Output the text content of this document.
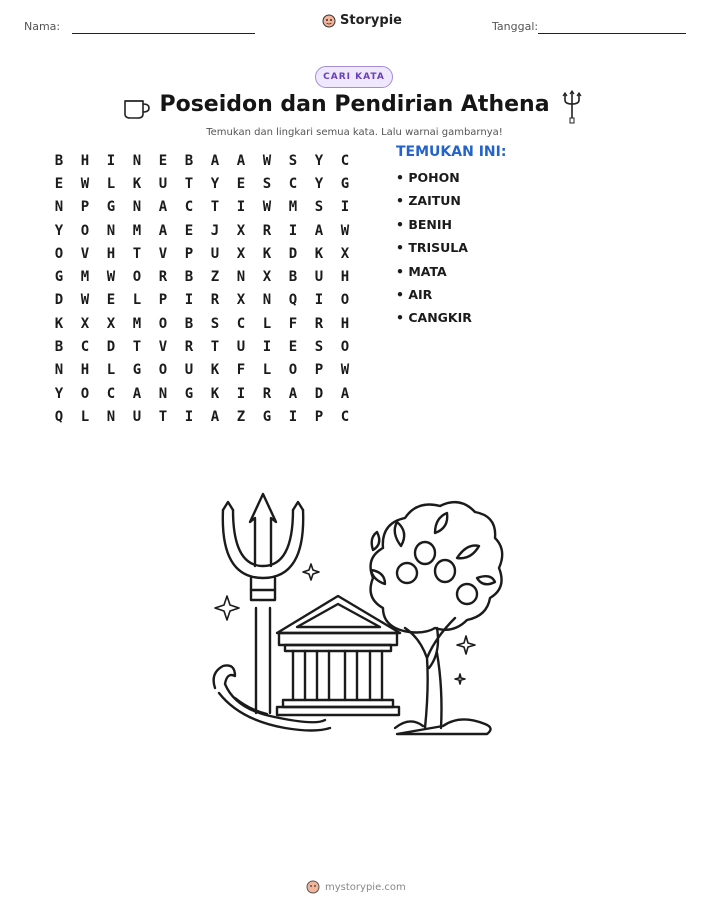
Nama:	Storypie	Tanggal:
CARI KATA
Poseidon dan Pendirian Athena
Temukan dan lingkari semua kata. Lalu warnai gambarnya!
B	H	I	N	E	B	A	A	W	S	Y	C
E	W	L	K	U	T	Y	E	S	C	Y	G
N	P	G	N	A	C	T	I	W	M	S	I
Y	O	N	M	A	E	J	X	R	I	A	W
O	V	H	T	V	P	U	X	K	D	K	X
G	M	W	O	R	B	Z	N	X	B	U	H
D	W	E	L	P	I	R	X	N	Q	I	O
K	X	X	M	O	B	S	C	L	F	R	H
B	C	D	T	V	R	T	U	I	E	S	O
N	H	L	G	O	U	K	F	L	O	P	W
Y	O	C	A	N	G	K	I	R	A	D	A
Q	L	N	U	T	I	A	Z	G	I	P	C
TEMUKAN INI:
• POHON
• ZAITUN
• BENIH
• TRISULA
• MATA
• AIR
• CANGKIR
mystorypie.com
